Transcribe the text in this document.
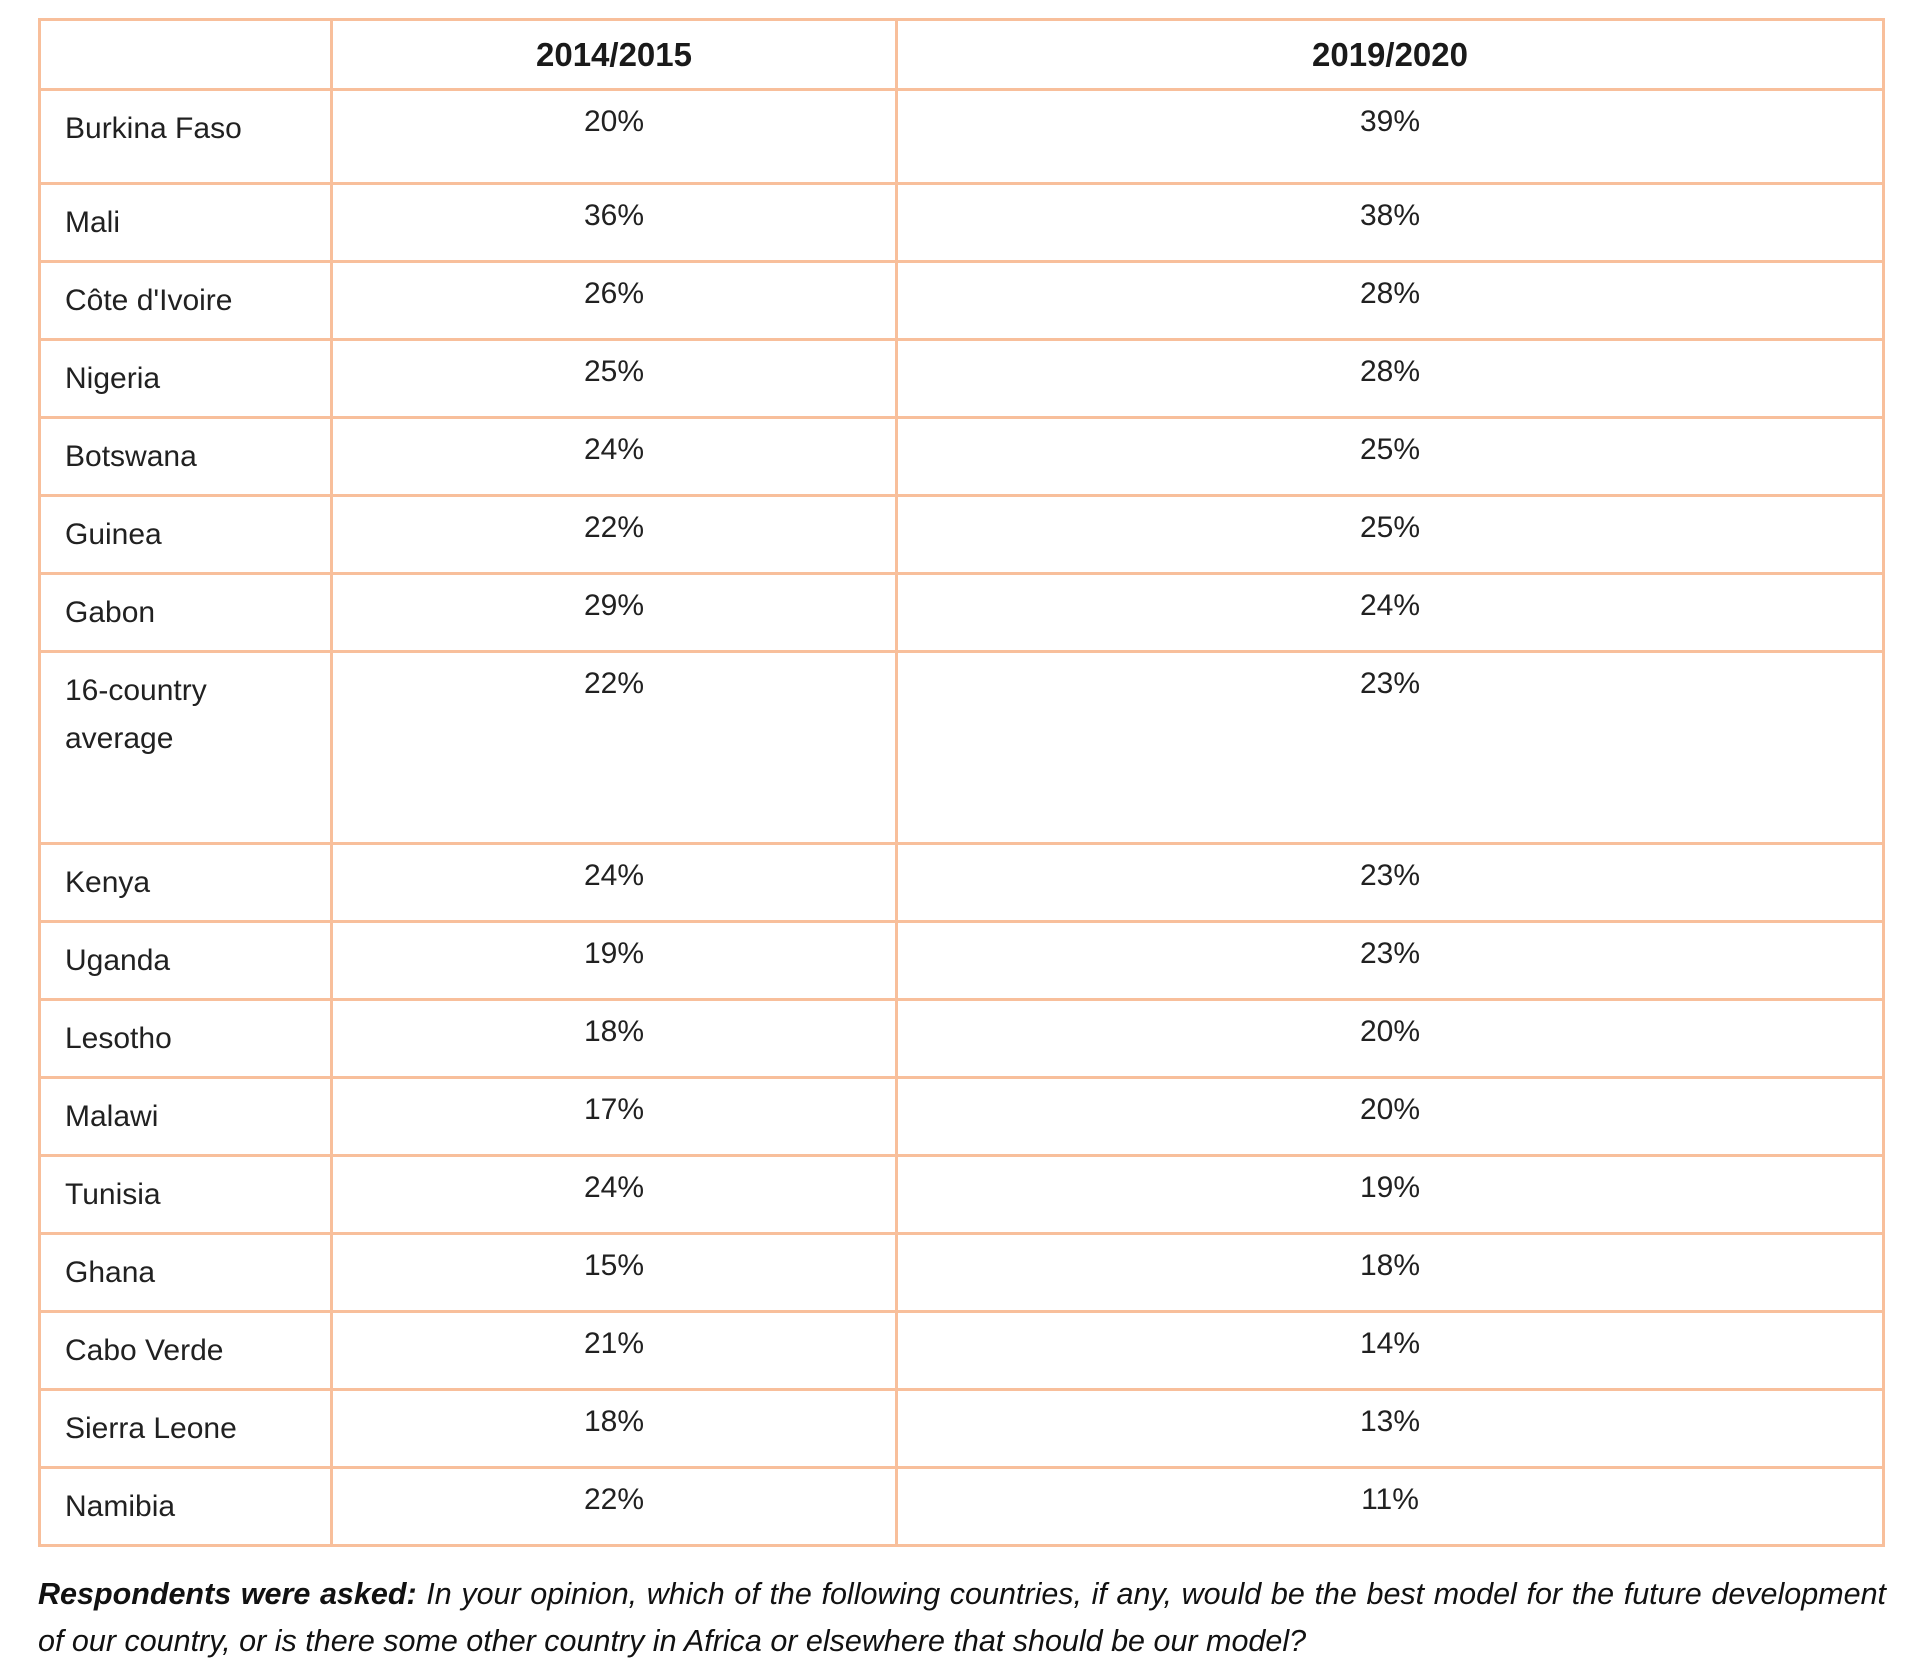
	2014/2015	2019/2020
Burkina Faso	20%	39%
Mali	36%	38%
Côte d'Ivoire	26%	28%
Nigeria	25%	28%
Botswana	24%	25%
Guinea	22%	25%
Gabon	29%	24%
16-country average	22%	23%
Kenya	24%	23%
Uganda	19%	23%
Lesotho	18%	20%
Malawi	17%	20%
Tunisia	24%	19%
Ghana	15%	18%
Cabo Verde	21%	14%
Sierra Leone	18%	13%
Namibia	22%	11%

Respondents were asked: In your opinion, which of the following countries, if any, would be the best model for the future development of our country, or is there some other country in Africa or elsewhere that should be our model?
